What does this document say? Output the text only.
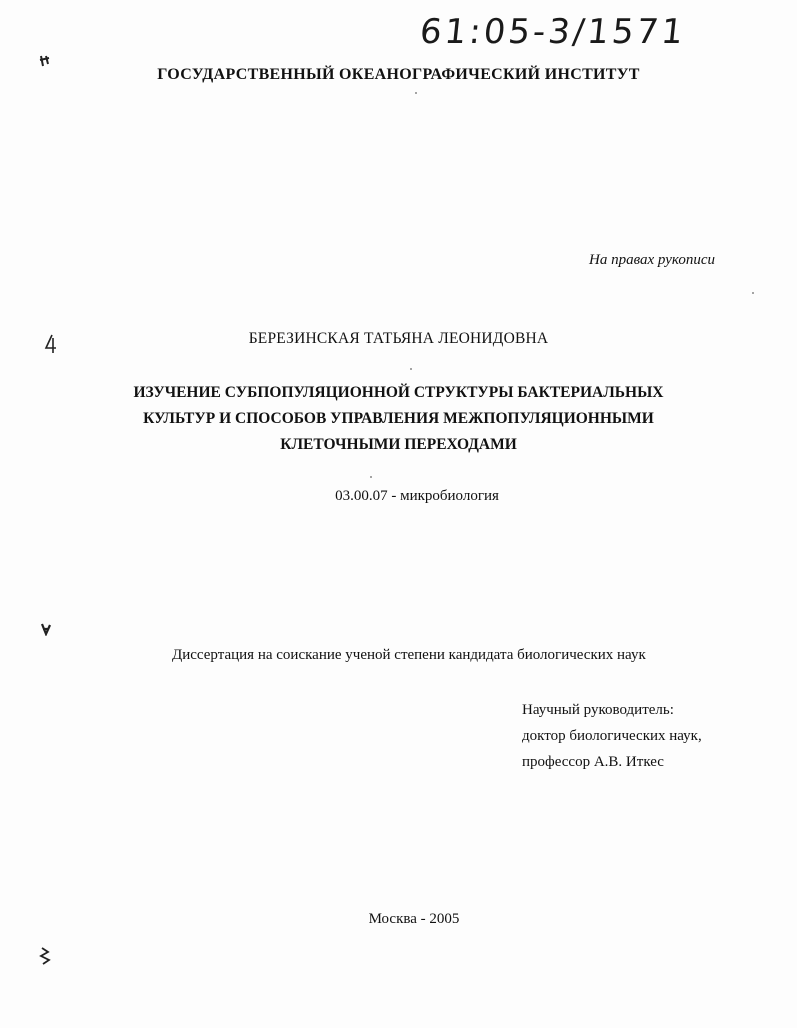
61:05-3/1571
ГОСУДАРСТВЕННЫЙ ОКЕАНОГРАФИЧЕСКИЙ ИНСТИТУТ
На правах рукописи
БЕРЕЗИНСКАЯ ТАТЬЯНА ЛЕОНИДОВНА
ИЗУЧЕНИЕ СУБПОПУЛЯЦИОННОЙ СТРУКТУРЫ БАКТЕРИАЛЬНЫХ
КУЛЬТУР И СПОСОБОВ УПРАВЛЕНИЯ МЕЖПОПУЛЯЦИОННЫМИ
КЛЕТОЧНЫМИ ПЕРЕХОДАМИ
03.00.07 - микробиология
Диссертация на соискание ученой степени кандидата биологических наук
Научный руководитель:
доктор биологических наук,
профессор А.В. Иткес
Москва - 2005
